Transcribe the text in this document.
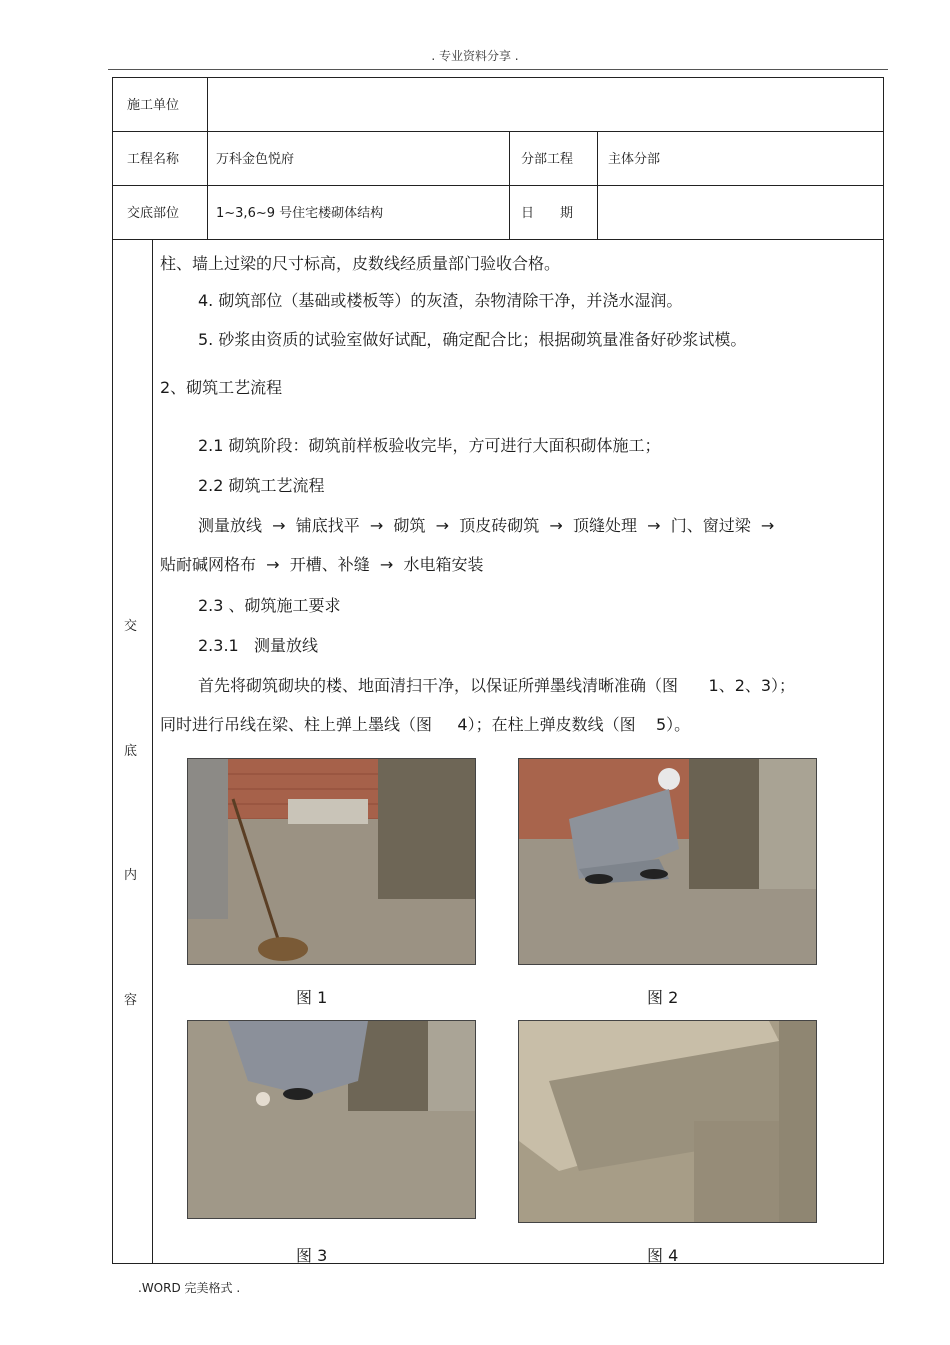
. 专业资料分享 .
.WORD 完美格式 .
施工单位
工程名称	万科金色悦府	分部工程	主体分部
交底部位	1~3,6~9 号住宅楼砌体结构	日　　期
交
底
内
容
柱、墙上过梁的尺寸标高，皮数线经质量部门验收合格。
4. 砌筑部位（基础或楼板等）的灰渣，杂物清除干净，并浇水湿润。
5. 砂浆由资质的试验室做好试配，确定配合比；根据砌筑量准备好砂浆试模。
2、砌筑工艺流程
2.1 砌筑阶段：砌筑前样板验收完毕，方可进行大面积砌体施工；
2.2 砌筑工艺流程
测量放线  →  铺底找平  →  砌筑  →  顶皮砖砌筑  →  顶缝处理  →  门、窗过梁  →
贴耐碱网格布  →  开槽、补缝  →  水电箱安装
2.3 、砌筑施工要求
2.3.1   测量放线
首先将砌筑砌块的楼、地面清扫干净，以保证所弹墨线清晰准确（图      1、2、3）；
同时进行吊线在梁、柱上弹上墨线（图     4）；在柱上弹皮数线（图    5）。
图 1	图 2
图 3	图 4
